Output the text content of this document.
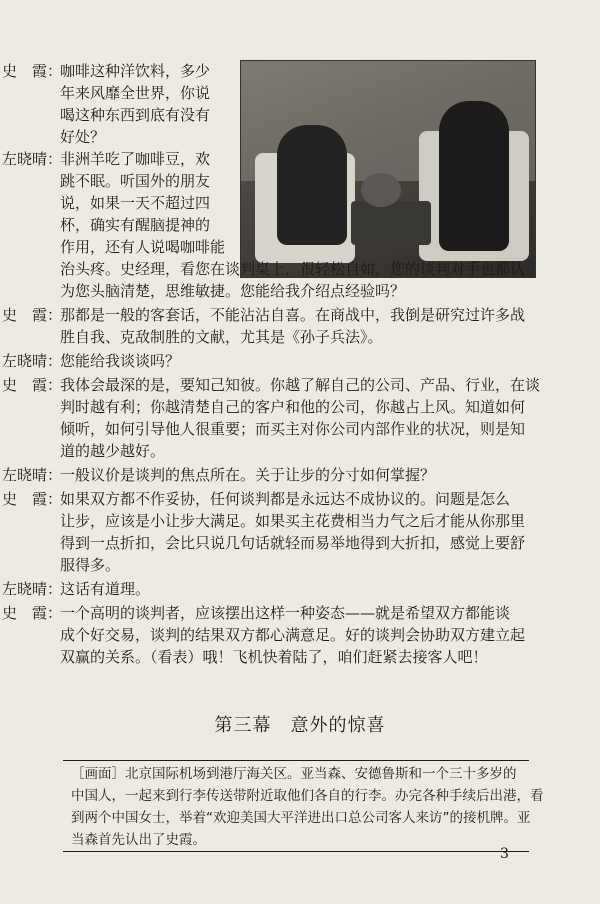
史　霞：咖啡这种洋饮料，多少
年来风靡全世界，你说
喝这种东西到底有没有
好处？
左晓晴：非洲羊吃了咖啡豆，欢
跳不眠。听国外的朋友
说，如果一天不超过四
杯，确实有醒脑提神的
作用，还有人说喝咖啡能
治头疼。史经理，看您在谈判桌上，很轻松自如，您的谈判对手也都认
为您头脑清楚，思维敏捷。您能给我介绍点经验吗？
史　霞：那都是一般的客套话，不能沾沾自喜。在商战中，我倒是研究过许多战
胜自我、克敌制胜的文献，尤其是《孙子兵法》。
左晓晴：您能给我谈谈吗？
史　霞：我体会最深的是，要知己知彼。你越了解自己的公司、产品、行业，在谈
判时越有利；你越清楚自己的客户和他的公司，你越占上风。知道如何
倾听，如何引导他人很重要；而买主对你公司内部作业的状况，则是知
道的越少越好。
左晓晴：一般议价是谈判的焦点所在。关于让步的分寸如何掌握？
史　霞：如果双方都不作妥协，任何谈判都是永远达不成协议的。问题是怎么
让步，应该是小让步大满足。如果买主花费相当力气之后才能从你那里
得到一点折扣，会比只说几句话就轻而易举地得到大折扣，感觉上要舒
服得多。
左晓晴：这话有道理。
史　霞：一个高明的谈判者，应该摆出这样一种姿态——就是希望双方都能谈
成个好交易，谈判的结果双方都心满意足。好的谈判会协助双方建立起
双赢的关系。（看表）哦！飞机快着陆了，咱们赶紧去接客人吧！
第三幕　意外的惊喜
［画面］北京国际机场到港厅海关区。亚当森、安德鲁斯和一个三十多岁的
中国人，一起来到行李传送带附近取他们各自的行李。办完各种手续后出港，看
到两个中国女士，举着“欢迎美国大平洋进出口总公司客人来访”的接机牌。亚
当森首先认出了史霞。
3
